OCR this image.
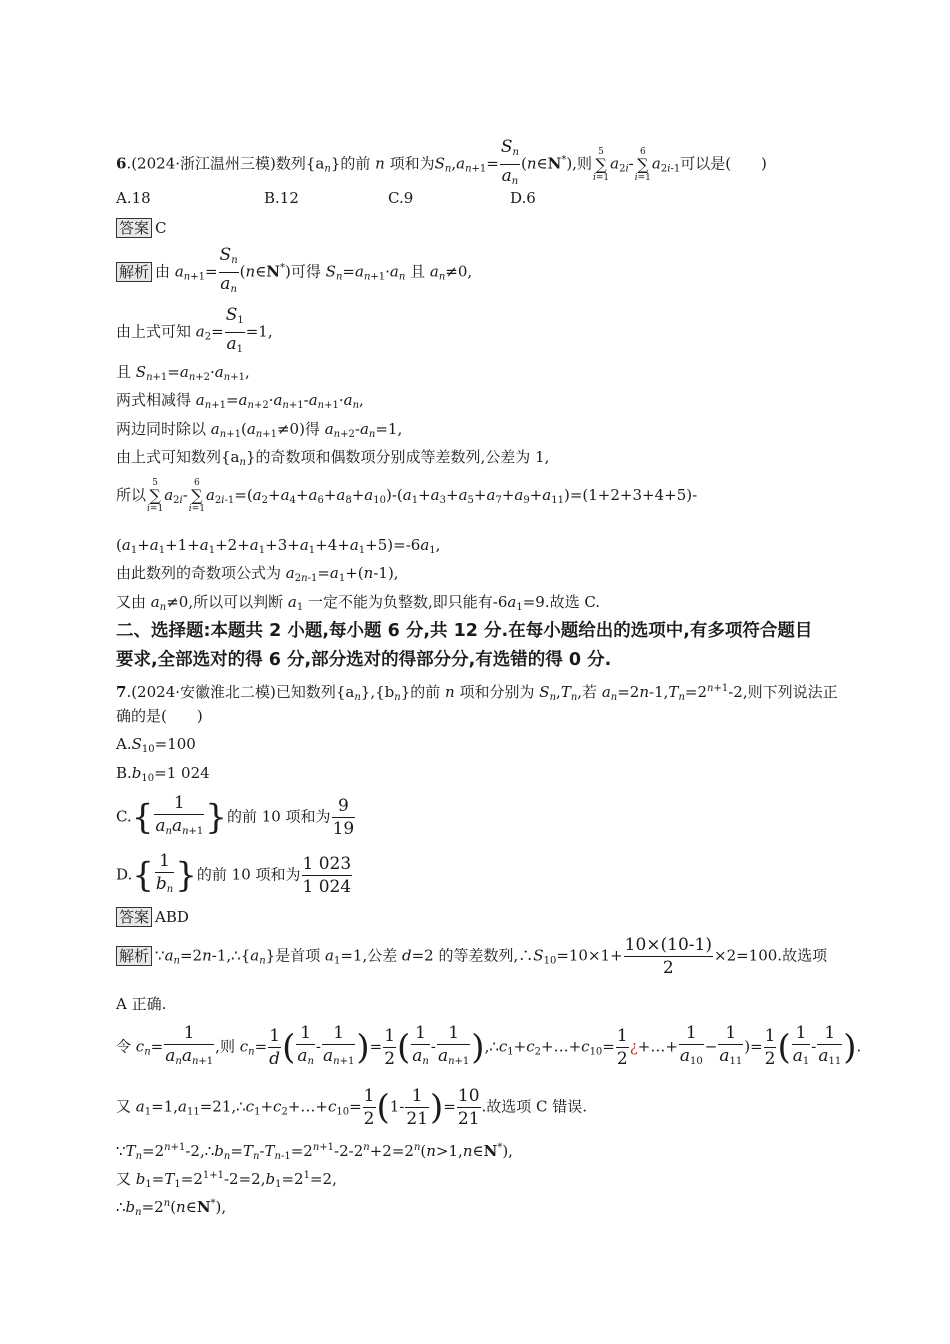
6.(2024·浙江温州三模)数列$\{a_n\}$的前 n 项和为$S_n,a_{n+1}= \frac{S_n}{a_n}$ (n∈N*),则
5
∑
i=1
$a_{2i}-$
6
∑
i=1
$a_{2i-1}$可以是(　　)
A.18	B.12	C.9	D.6
答案 C
解析 由 $a_{n+1}= \frac{S_n}{a_n}$ (n∈N*)可得 $S_n=a_{n+1}\cdot a_n$ 且 $a_n\ne 0$,
由上式可知 $a_2= \frac{S_1}{a_1} =1$,
且 $S_{n+1}=a_{n+2}\cdot a_{n+1}$,
两式相减得 $a_{n+1}=a_{n+2}\cdot a_{n+1}-a_{n+1}\cdot a_n$,
两边同时除以 $a_{n+1}(a_{n+1}\ne 0)$得 $a_{n+2}-a_n=1$,
由上式可知数列$\{a_n\}$的奇数项和偶数项分别成等差数列,公差为 1,
所以
5
∑
i=1
$a_{2i}-$
6
∑
i=1
$a_{2i-1}=(a_2+a_4+a_6+a_8+a_{10})-(a_1+a_3+a_5+a_7+a_9+a_{11})=(1+2+3+4+5)-$
$(a_1+a_1+1+a_1+2+a_1+3+a_1+4+a_1+5)=-6a_1$,
由此数列的奇数项公式为 $a_{2n-1}=a_1+(n-1)$,
又由 $a_n\ne 0$,所以可以判断 $a_1$ 一定不能为负整数,即只能有$-6a_1=9$.故选 C.
二、选择题:本题共 2 小题,每小题 6 分,共 12 分.在每小题给出的选项中,有多项符合题目
要求,全部选对的得 6 分,部分选对的得部分分,有选错的得 0 分.
7.(2024·安徽淮北二模)已知数列$\{a_n\},\{b_n\}$的前 n 项和分别为 $S_n,T_n$,若 $a_n=2n-1,T_n=2^{n+1}-2$,则下列说法正
确的是(　　)
$A.S_{10}=100$
$B.b_{10}=1$ 024
$C.\{ \frac{1}{a_na_{n+1}}$ }的前 10 项和为 $\frac{9}{19}$
$D.\{ \frac{1}{b_n}$ }的前 10 项和为 $\frac{1 023}{1 024}$
答案 ABD
解析 $\because a_n=2n-1,\therefore\{a_n\}$是首项 $a_1=1$,公差 d=2 的等差数列$,\therefore S_{10}=10\times 1+ \frac{10\times(10-1)}{2} \times 2=100$.故选项
A 正确.
令 $c_n= \frac{1}{a_na_{n+1}}$ ,则 $c_n= \frac{1}{d}$ ( $\frac{1}{a_n} - \frac{1}{a_{n+1}}$ )= $\frac{1}{2}$ ( $\frac{1}{a_n} - \frac{1}{a_{n+1}}$ )$,\therefore c_1+c_2+\dots+c_{10}= \frac{1}{2}$ ¿+…+ $\frac{1}{a_{10}} - \frac{1}{a_{11}}$ )= $\frac{1}{2}$ ( $\frac{1}{a_1} - \frac{1}{a_{11}}$ ).
又 $a_1=1,a_{11}=21,\therefore c_1+c_2+\dots+c_{10}= \frac{1}{2} (1- \frac{1}{21}$ )= $\frac{10}{21}$ .故选项 C 错误.
$\because T_n=2^{n+1}-2,\therefore b_n=T_n-T_{n-1}=2^{n+1}-2-2^n+2=2^n(n>1,n\in N^*)$,
又 $b_1=T_1=2^{1+1}-2=2,b_1=2^1=2$,
$\therefore b_n=2^n(n\in N^*)$,
